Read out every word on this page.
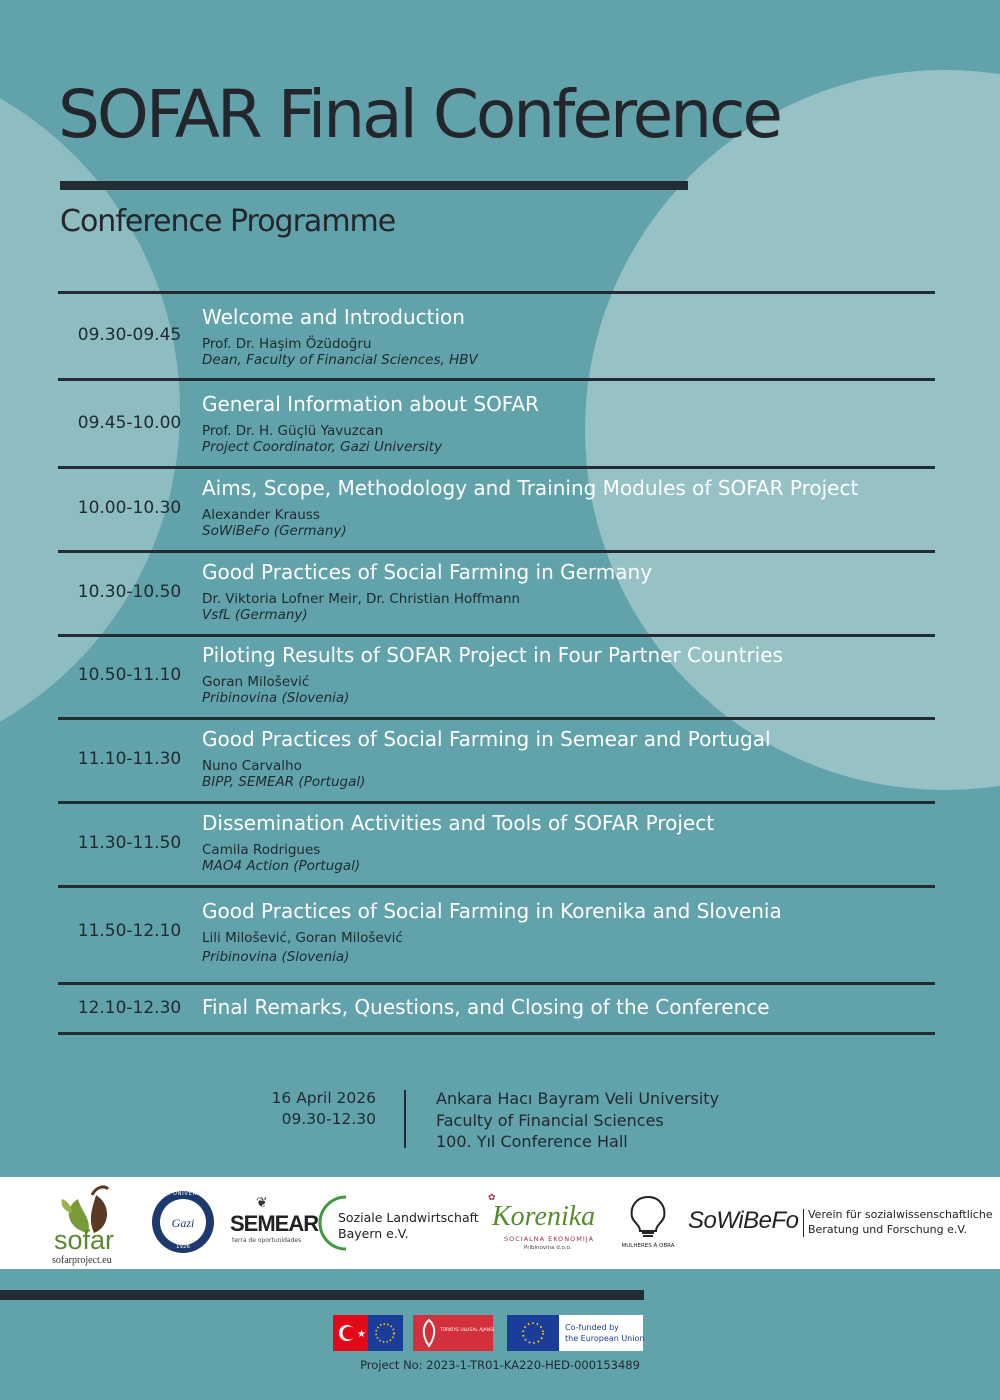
SOFAR Final Conference
Conference Programme
09.30-09.45
Welcome and Introduction
Prof. Dr. Haşim Özüdoğru
Dean, Faculty of Financial Sciences, HBV
09.45-10.00
General Information about SOFAR
Prof. Dr. H. Güçlü Yavuzcan
Project Coordinator, Gazi University
10.00-10.30
Aims, Scope, Methodology and Training Modules of SOFAR Project
Alexander Krauss
SoWiBeFo (Germany)
10.30-10.50
Good Practices of Social Farming in Germany
Dr. Viktoria Lofner Meir, Dr. Christian Hoffmann
VsfL (Germany)
10.50-11.10
Piloting Results of SOFAR Project in Four Partner Countries
Goran Milošević
Pribinovina (Slovenia)
11.10-11.30
Good Practices of Social Farming in Semear and Portugal
Nuno Carvalho
BIPP, SEMEAR (Portugal)
11.30-11.50
Dissemination Activities and Tools of SOFAR Project
Camila Rodrigues
MAO4 Action (Portugal)
11.50-12.10
Good Practices of Social Farming in Korenika and Slovenia
Lili Milošević, Goran Milošević
Pribinovina (Slovenia)
12.10-12.30	Final Remarks, Questions, and Closing of the Conference
16 April 2026
09.30-12.30
Ankara Hacı Bayram Veli University
Faculty of Financial Sciences
100. Yıl Conference Hall
sofar
sofarproject.eu
Gazi
GAZİ UNIVERSITY
1926
❦
SEMEAR
terra de oportunidades
Soziale Landwirtschaft
Bayern e.V.
✿
Korenika
SOCIALNA EKONOMIJA
Pribinovina d.o.o.	MULHERES À OBRA
SoWiBeFo Verein für sozialwissenschaftliche
Beratung und Forschung e.V.
★	TÜRKİYE ULUSAL AJANSI	Co-funded by
the European Union
Project No: 2023-1-TR01-KA220-HED-000153489
